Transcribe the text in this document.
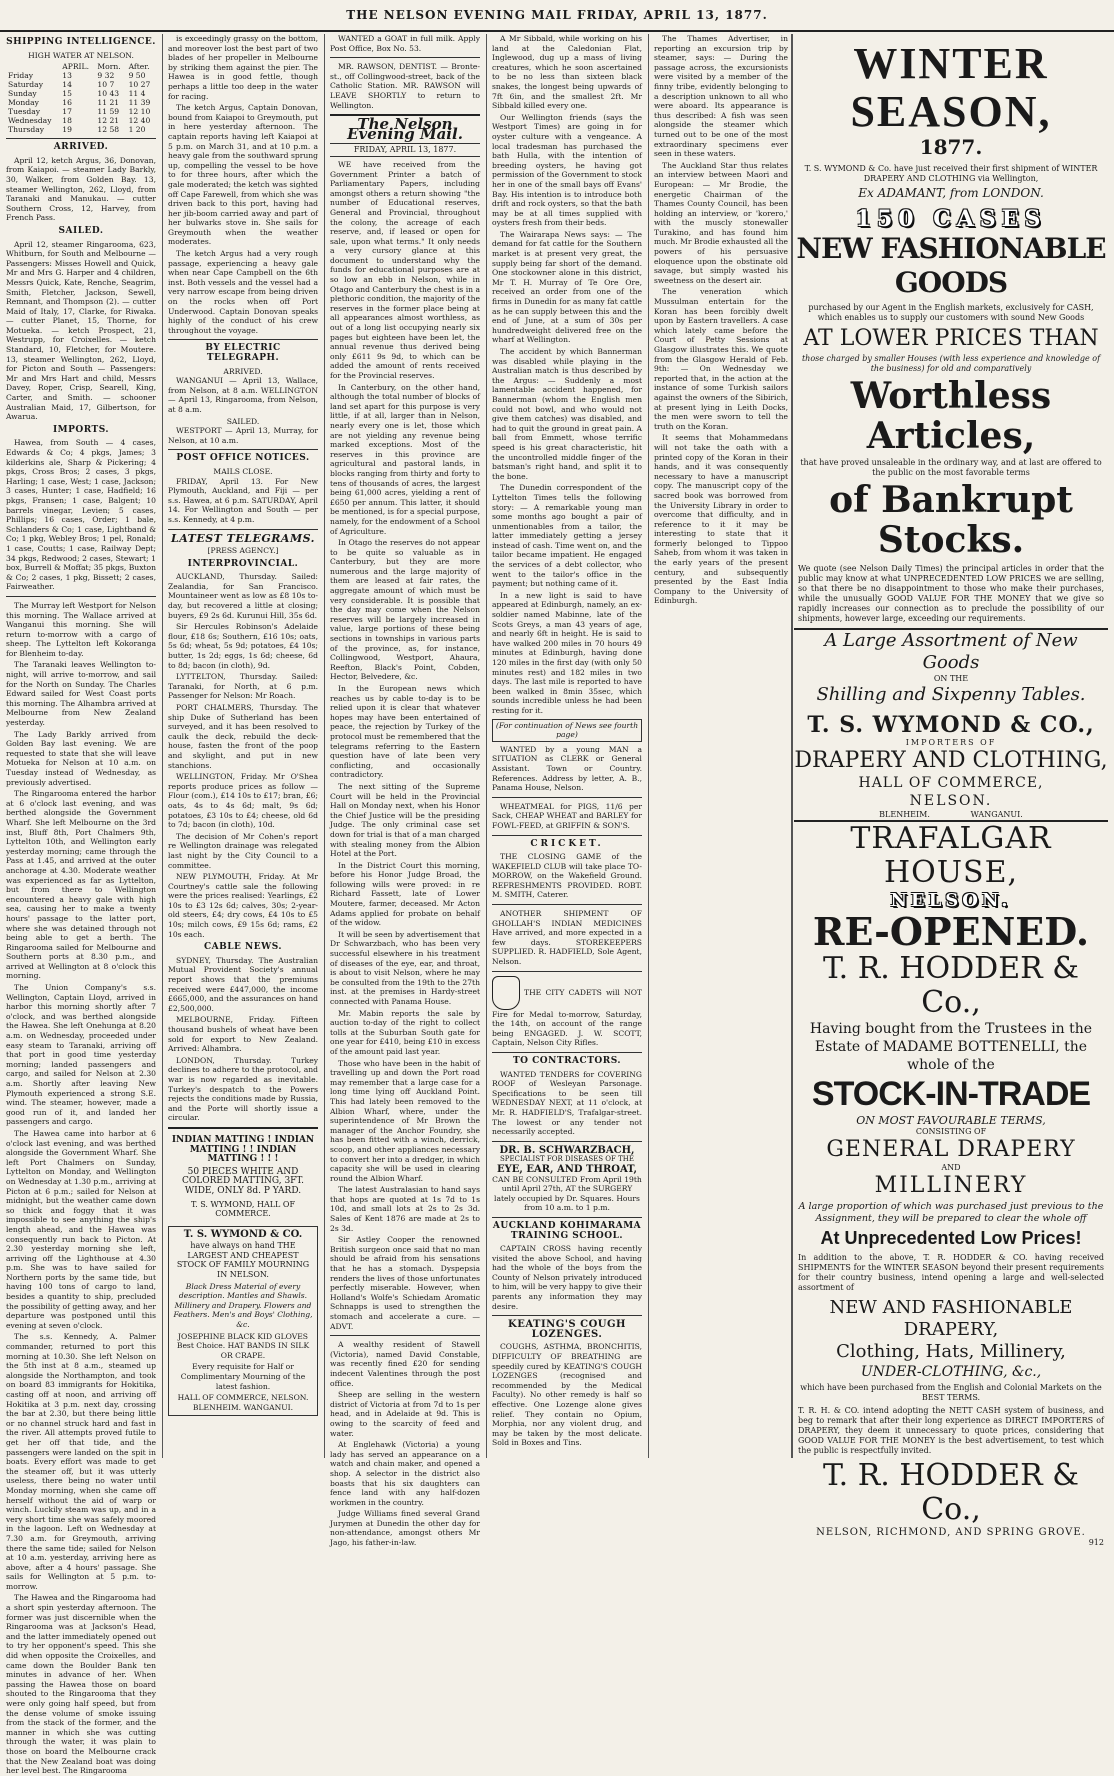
THE NELSON EVENING MAIL FRIDAY, APRIL 13, 1877.
SHIPPING INTELLIGENCE.
HIGH WATER AT NELSON.
	APRIL.	Morn.	After.
Friday	13	9 32	9 50
Saturday	14	10 7	10 27
Sunday	15	10 43	11 4
Monday	16	11 21	11 39
Tuesday	17	11 59	12 10
Wednesday	18	12 21	12 40
Thursday	19	12 58	1 20
ARRIVED.

April 12, ketch Argus, 36, Donovan, from Kaiapoi. — steamer Lady Barkly, 30, Walker, from Golden Bay. 13, steamer Wellington, 262, Lloyd, from Taranaki and Manukau. — cutter Southern Cross, 12, Harvey, from French Pass.

SAILED.

April 12, steamer Ringarooma, 623, Whitburn, for South and Melbourne — Passengers: Misses Howell and Quick, Mr and Mrs G. Harper and 4 children, Messrs Quick, Kate, Renche, Seagrim, Smith, Fletcher, Jackson, Sewell, Remnant, and Thompson (2). — cutter Maid of Italy, 17, Clarke, for Riwaka. — cutter Planet, 15, Thorne, for Motueka. — ketch Prospect, 21, Westrupp, for Croixelles. — ketch Standard, 10, Fletcher, for Moutere. 13, steamer Wellington, 262, Lloyd, for Picton and South — Passengers: Mr and Mrs Hart and child, Messrs Davey, Roper, Crisp, Searell, King, Carter, and Smith. — schooner Australian Maid, 17, Gilbertson, for Awarua.

IMPORTS.

Hawea, from South — 4 cases, Edwards & Co; 4 pkgs, James; 3 kilderkins ale, Sharp & Pickering; 4 pkgs, Cross Bros; 2 cases, 3 pkgs, Harling; 1 case, West; 1 case, Jackson; 3 cases, Hunter; 1 case, Hadfield; 16 pkgs, Fransen; 1 case, Balgent; 10 barrels vinegar, Levien; 5 cases, Phillips; 16 cases, Order; 1 bale, Schlanders & Co; 1 case, Lightband & Co; 1 pkg, Webley Bros; 1 pel, Ronald; 1 case, Coutts; 1 case, Railway Dept; 34 pkgs, Redwood; 2 cases, Stewart; 1 box, Burrell & Moffat; 35 pkgs, Buxton & Co; 2 cases, 1 pkg, Bissett; 2 cases, Fairweather.

The Murray left Westport for Nelson this morning. The Wallace arrived at Wanganui this morning. She will return to-morrow with a cargo of sheep. The Lyttelton left Kokoranga for Blenheim to-day.

The Taranaki leaves Wellington to-night, will arrive to-morrow, and sail for the North on Sunday. The Charles Edward sailed for West Coast ports this morning. The Alhambra arrived at Melbourne from New Zealand yesterday.

The Lady Barkly arrived from Golden Bay last evening. We are requested to state that she will leave Motueka for Nelson at 10 a.m. on Tuesday instead of Wednesday, as previously advertised.

The Ringarooma entered the harbor at 6 o'clock last evening, and was berthed alongside the Government Wharf. She left Melbourne on the 3rd inst, Bluff 8th, Port Chalmers 9th, Lyttelton 10th, and Wellington early yesterday morning; came through the Pass at 1.45, and arrived at the outer anchorage at 4.30. Moderate weather was experienced as far as Lyttelton, but from there to Wellington encountered a heavy gale with high sea, causing her to make a twenty hours' passage to the latter port, where she was detained through not being able to get a berth. The Ringarooma sailed for Melbourne and Southern ports at 8.30 p.m., and arrived at Wellington at 8 o'clock this morning.

The Union Company's s.s. Wellington, Captain Lloyd, arrived in harbor this morning shortly after 7 o'clock, and was berthed alongside the Hawea. She left Onehunga at 8.20 a.m. on Wednesday, proceeded under easy steam to Taranaki, arriving off that port in good time yesterday morning; landed passengers and cargo, and sailed for Nelson at 2.30 a.m. Shortly after leaving New Plymouth experienced a strong S.E. wind. The steamer, however, made a good run of it, and landed her passengers and cargo.

The Hawea came into harbor at 6 o'clock last evening, and was berthed alongside the Government Wharf. She left Port Chalmers on Sunday, Lyttelton on Monday, and Wellington on Wednesday at 1.30 p.m., arriving at Picton at 6 p.m.; sailed for Nelson at midnight, but the weather came down so thick and foggy that it was impossible to see anything the ship's length ahead, and the Hawea was consequently run back to Picton. At 2.30 yesterday morning she left, arriving off the Lighthouse at 4.30 p.m. She was to have sailed for Northern ports by the same tide, but having 100 tons of cargo to land, besides a quantity to ship, precluded the possibility of getting away, and her departure was postponed until this evening at seven o'clock.

The s.s. Kennedy, A. Palmer commander, returned to port this morning at 10.30. She left Nelson on the 5th inst at 8 a.m., steamed up alongside the Northampton, and took on board 83 immigrants for Hokitika, casting off at noon, and arriving off Hokitika at 3 p.m. next day, crossing the bar at 2.30, but there being little or no channel struck hard and fast in the river. All attempts proved futile to get her off that tide, and the passengers were landed on the spit in boats. Every effort was made to get the steamer off, but it was utterly useless, there being no water until Monday morning, when she came off herself without the aid of warp or winch. Luckily steam was up, and in a very short time she was safely moored in the lagoon. Left on Wednesday at 7.30 a.m. for Greymouth, arriving there the same tide; sailed for Nelson at 10 a.m. yesterday, arriving here as above, after a 4 hours' passage. She sails for Wellington at 5 p.m. to-morrow.

The Hawea and the Ringarooma had a short spin yesterday afternoon. The former was just discernible when the Ringarooma was at Jackson's Head, and the latter immediately opened out to try her opponent's speed. This she did when opposite the Croixelles, and came down the Boulder Bank ten minutes in advance of her. When passing the Hawea those on board shouted to the Ringarooma that they were only going half speed, but from the dense volume of smoke issuing from the stack of the former, and the manner in which she was cutting through the water, it was plain to those on board the Melbourne crack that the New Zealand boat was doing her level best. The Ringarooma

is exceedingly grassy on the bottom, and moreover lost the best part of two blades of her propeller in Melbourne by striking them against the pier. The Hawea is in good fettle, though perhaps a little too deep in the water for racing.

The ketch Argus, Captain Donovan, bound from Kaiapoi to Greymouth, put in here yesterday afternoon. The captain reports having left Kaiapoi at 5 p.m. on March 31, and at 10 p.m. a heavy gale from the southward sprung up, compelling the vessel to be hove to for three hours, after which the gale moderated; the ketch was sighted off Cape Farewell, from which she was driven back to this port, having had her jib-boom carried away and part of her bulwarks stove in. She sails for Greymouth when the weather moderates.

The ketch Argus had a very rough passage, experiencing a heavy gale when near Cape Campbell on the 6th inst. Both vessels and the vessel had a very narrow escape from being driven on the rocks when off Port Underwood. Captain Donovan speaks highly of the conduct of his crew throughout the voyage.

BY ELECTRIC TELEGRAPH.
ARRIVED.

WANGANUI — April 13, Wallace, from Nelson, at 8 a.m. WELLINGTON — April 13, Ringarooma, from Nelson, at 8 a.m.

SAILED.

WESTPORT — April 13, Murray, for Nelson, at 10 a.m.

POST OFFICE NOTICES.
MAILS CLOSE.

FRIDAY, April 13. For New Plymouth, Auckland, and Fiji — per s.s. Hawea, at 6 p.m. SATURDAY, April 14. For Wellington and South — per s.s. Kennedy, at 4 p.m.

LATEST TELEGRAMS.
[PRESS AGENCY.]
INTERPROVINCIAL.

AUCKLAND, Thursday. Sailed: Zealandia, for San Francisco. Mountaineer went as low as £8 10s to-day, but recovered a little at closing; buyers, £9 2s 6d. Kurunui Hill, 35s 6d.

Sir Hercules Robinson's Adelaide flour, £18 6s; Southern, £16 10s; oats, 5s 6d; wheat, 5s 9d; potatoes, £4 10s; butter, 1s 2d; eggs, 1s 6d; cheese, 6d to 8d; bacon (in cloth), 9d.

LYTTELTON, Thursday. Sailed: Taranaki, for North, at 6 p.m. Passenger for Nelson: Mr Roach.

PORT CHALMERS, Thursday. The ship Duke of Sutherland has been surveyed, and it has been resolved to caulk the deck, rebuild the deck-house, fasten the front of the poop and skylight, and put in new stanchions.

WELLINGTON, Friday. Mr O'Shea reports produce prices as follow — Flour (com.), £14 10s to £17; bran, £6; oats, 4s to 4s 6d; malt, 9s 6d; potatoes, £3 10s to £4; cheese, old 6d to 7d; bacon (in cloth), 10d.

The decision of Mr Cohen's report re Wellington drainage was relegated last night by the City Council to a committee.

NEW PLYMOUTH, Friday. At Mr Courtney's cattle sale the following were the prices realised: Yearlings, £2 10s to £3 12s 6d; calves, 30s; 2-year-old steers, £4; dry cows, £4 10s to £5 10s; milch cows, £9 15s 6d; rams, £2 10s each.

CABLE NEWS.

SYDNEY, Thursday. The Australian Mutual Provident Society's annual report shows that the premiums received were £447,000, the income £665,000, and the assurances on hand £2,500,000.

MELBOURNE, Friday. Fifteen thousand bushels of wheat have been sold for export to New Zealand. Arrived: Alhambra.

LONDON, Thursday. Turkey declines to adhere to the protocol, and war is now regarded as inevitable. Turkey's despatch to the Powers rejects the conditions made by Russia, and the Porte will shortly issue a circular.

INDIAN MATTING ! INDIAN MATTING ! ! INDIAN MATTING ! ! !
50 PIECES WHITE AND COLORED MATTING, 3FT. WIDE, ONLY 8d. P YARD.
T. S. WYMOND, HALL OF COMMERCE.
T. S. WYMOND & CO.
have always on hand THE LARGEST AND CHEAPEST STOCK OF FAMILY MOURNING IN NELSON.
Black Dress Material of every description. Mantles and Shawls. Millinery and Drapery. Flowers and Feathers. Men's and Boys' Clothing, &c.
JOSEPHINE BLACK KID GLOVES Best Choice. HAT BANDS IN SILK OR CRAPE.
Every requisite for Half or Complimentary Mourning of the latest fashion.
HALL OF COMMERCE, NELSON. BLENHEIM. WANGANUI.

WANTED a GOAT in full milk. Apply Post Office, Box No. 53.

MR. RAWSON, DENTIST. — Bronte-st., off Collingwood-street, back of the Catholic Station. MR. RAWSON will LEAVE SHORTLY to return to Wellington.

The Nelson Evening Mail.
FRIDAY, APRIL 13, 1877.

WE have received from the Government Printer a batch of Parliamentary Papers, including amongst others a return showing "the number of Educational reserves, General and Provincial, throughout the colony, the acreage of each reserve, and, if leased or open for sale, upon what terms." It only needs a very cursory glance at this document to understand why the funds for educational purposes are at so low an ebb in Nelson, while in Otago and Canterbury the chest is in a plethoric condition, the majority of the reserves in the former place being at all appearances almost worthless, as out of a long list occupying nearly six pages but eighteen have been let, the annual revenue thus derived being only £611 9s 9d, to which can be added the amount of rents received for the Provincial reserves.

In Canterbury, on the other hand, although the total number of blocks of land set apart for this purpose is very little, if at all, larger than in Nelson, nearly every one is let, those which are not yielding any revenue being marked exceptions. Most of the reserves in this province are agricultural and pastoral lands, in blocks ranging from thirty and forty to tens of thousands of acres, the largest being 61,000 acres, yielding a rent of £650 per annum. This latter, it should be mentioned, is for a special purpose, namely, for the endowment of a School of Agriculture.

In Otago the reserves do not appear to be quite so valuable as in Canterbury, but they are more numerous and the large majority of them are leased at fair rates, the aggregate amount of which must be very considerable. It is possible that the day may come when the Nelson reserves will be largely increased in value, large portions of these being sections in townships in various parts of the province, as, for instance, Collingwood, Westport, Ahaura, Reefton, Black's Point, Cobden, Hector, Belvedere, &c.

In the European news which reaches us by cable to-day is to be relied upon it is clear that whatever hopes may have been entertained of peace, the rejection by Turkey of the protocol must be remembered that the telegrams referring to the Eastern question have of late been very conflicting, and occasionally contradictory.

The next sitting of the Supreme Court will be held in the Provincial Hall on Monday next, when his Honor the Chief Justice will be the presiding Judge. The only criminal case set down for trial is that of a man charged with stealing money from the Albion Hotel at the Port.

In the District Court this morning, before his Honor Judge Broad, the following wills were proved: in re Richard Fassett, late of Lower Moutere, farmer, deceased. Mr Acton Adams applied for probate on behalf of the widow.

It will be seen by advertisement that Dr Schwarzbach, who has been very successful elsewhere in his treatment of diseases of the eye, ear, and throat, is about to visit Nelson, where he may be consulted from the 19th to the 27th inst. at the premises in Hardy-street connected with Panama House.

Mr. Mabin reports the sale by auction to-day of the right to collect tolls at the Suburban South gate for one year for £410, being £10 in excess of the amount paid last year.

Those who have been in the habit of travelling up and down the Port road may remember that a large case for a long time lying off Auckland Point. This had lately been removed to the Albion Wharf, where, under the superintendence of Mr Brown the manager of the Anchor Foundry, she has been fitted with a winch, derrick, scoop, and other appliances necessary to convert her into a dredger, in which capacity she will be used in clearing round the Albion Wharf.

The latest Australasian to hand says that hops are quoted at 1s 7d to 1s 10d, and small lots at 2s to 2s 3d. Sales of Kent 1876 are made at 2s to 2s 3d.

Sir Astley Cooper the renowned British surgeon once said that no man should be afraid from his sensations that he has a stomach. Dyspepsia renders the lives of those unfortunates perfectly miserable. However, when Holland's Wolfe's Schiedam Aromatic Schnapps is used to strengthen the stomach and accelerate a cure. — ADVT.

A wealthy resident of Stawell (Victoria), named David Constable, was recently fined £20 for sending indecent Valentines through the post office.

Sheep are selling in the western district of Victoria at from 7d to 1s per head, and in Adelaide at 9d. This is owing to the scarcity of feed and water.

At Englehawk (Victoria) a young lady has served an appearance on a watch and chain maker, and opened a shop. A selector in the district also boasts that his six daughters can fence land with any half-dozen workmen in the country.

Judge Williams fined several Grand Jurymen at Dunedin the other day for non-attendance, amongst others Mr Jago, his father-in-law.

A Mr Sibbald, while working on his land at the Caledonian Flat, Inglewood, dug up a mass of living creatures, which he soon ascertained to be no less than sixteen black snakes, the longest being upwards of 7ft 6in, and the smallest 2ft. Mr Sibbald killed every one.

Our Wellington friends (says the Westport Times) are going in for oyster culture with a vengeance. A local tradesman has purchased the bath Hulla, with the intention of breeding oysters, he having got permission of the Government to stock her in one of the small bays off Evans' Bay. His intention is to introduce both drift and rock oysters, so that the bath may be at all times supplied with oysters fresh from their beds.

The Wairarapa News says: — The demand for fat cattle for the Southern market is at present very great, the supply being far short of the demand. One stockowner alone in this district, Mr T. H. Murray of Te Ore Ore, received an order from one of the firms in Dunedin for as many fat cattle as he can supply between this and the end of June, at a sum of 30s per hundredweight delivered free on the wharf at Wellington.

The accident by which Bannerman was disabled while playing in the Australian match is thus described by the Argus: — Suddenly a most lamentable accident happened, for Bannerman (whom the English men could not bowl, and who would not give them catches) was disabled, and had to quit the ground in great pain. A ball from Emmett, whose terrific speed is his great characteristic, hit the uncontrolled middle finger of the batsman's right hand, and split it to the bone.

The Dunedin correspondent of the Lyttelton Times tells the following story: — A remarkable young man some months ago bought a pair of unmentionables from a tailor, the latter immediately getting a jersey instead of cash. Time went on, and the tailor became impatient. He engaged the services of a debt collector, who went to the tailor's office in the payment; but nothing came of it.

In a new light is said to have appeared at Edinburgh, namely, an ex-soldier named Mabinne, late of the Scots Greys, a man 43 years of age, and nearly 6ft in height. He is said to have walked 200 miles in 70 hours 49 minutes at Edinburgh, having done 120 miles in the first day (with only 50 minutes rest) and 182 miles in two days. The last mile is reported to have been walked in 8min 35sec, which sounds incredible unless he had been resting for it.

(For continuation of News see fourth page)

WANTED by a young MAN a SITUATION as CLERK or General Assistant. Town or Country. References. Address by letter, A. B., Panama House, Nelson.

WHEATMEAL for PIGS, 11/6 per Sack, CHEAP WHEAT and BARLEY for FOWL-FEED, at GRIFFIN & SON'S.

CRICKET.

THE CLOSING GAME of the WAKEFIELD CLUB will take place TO-MORROW, on the Wakefield Ground. REFRESHMENTS PROVIDED. ROBT. M. SMITH, Caterer.

ANOTHER SHIPMENT OF GHOLLAH'S INDIAN MEDICINES Have arrived, and more expected in a few days. STOREKEEPERS SUPPLIED. R. HADFIELD, Sole Agent, Nelson.

THE CITY CADETS will NOT Fire for Medal to-morrow, Saturday, the 14th, on account of the range being ENGAGED. J. W. SCOTT, Captain, Nelson City Rifles.

TO CONTRACTORS.

WANTED TENDERS for COVERING ROOF of Wesleyan Parsonage. Specifications to be seen till WEDNESDAY NEXT, at 11 o'clock, at Mr. R. HADFIELD'S, Trafalgar-street. The lowest or any tender not necessarily accepted.

DR. B. SCHWARZBACH,
SPECIALIST FOR DISEASES OF THE
EYE, EAR, AND THROAT,
CAN BE CONSULTED From April 19th until April 27th, AT the SURGERY lately occupied by Dr. Squares. Hours from 10 a.m. to 1 p.m.
AUCKLAND KOHIMARAMA TRAINING SCHOOL.

CAPTAIN CROSS having recently visited the above School, and having had the whole of the boys from the County of Nelson privately introduced to him, will be very happy to give their parents any information they may desire.

KEATING'S COUGH LOZENGES.

COUGHS, ASTHMA, BRONCHITIS, DIFFICULTY OF BREATHING are speedily cured by KEATING'S COUGH LOZENGES (recognised and recommended by the Medical Faculty). No other remedy is half so effective. One Lozenge alone gives relief. They contain no Opium, Morphia, nor any violent drug, and may be taken by the most delicate. Sold in Boxes and Tins.

The Thames Advertiser, in reporting an excursion trip by steamer, says: — During the passage across, the excursionists were visited by a member of the finny tribe, evidently belonging to a description unknown to all who were aboard. Its appearance is thus described: A fish was seen alongside the steamer which turned out to be one of the most extraordinary specimens ever seen in these waters.

The Auckland Star thus relates an interview between Maori and European: — Mr Brodie, the energetic Chairman of the Thames County Council, has been holding an interview, or 'korero,' with the muscly stonewaller Turakino, and has found him much. Mr Brodie exhausted all the powers of his persuasive eloquence upon the obstinate old savage, but simply wasted his sweetness on the desert air.

The veneration which Mussulman entertain for the Koran has been forcibly dwelt upon by Eastern travellers. A case which lately came before the Court of Petty Sessions at Glasgow illustrates this. We quote from the Glasgow Herald of Feb. 9th: — On Wednesday we reported that, in the action at the instance of some Turkish sailors against the owners of the Sibirich, at present lying in Leith Docks, the men were sworn to tell the truth on the Koran.

It seems that Mohammedans will not take the oath with a printed copy of the Koran in their hands, and it was consequently necessary to have a manuscript copy. The manuscript copy of the sacred book was borrowed from the University Library in order to overcome that difficulty, and in reference to it it may be interesting to state that it formerly belonged to Tippoo Saheb, from whom it was taken in the early years of the present century, and subsequently presented by the East India Company to the University of Edinburgh.

WINTER SEASON,
1877.
T. S. WYMOND & Co. have just received their first shipment of WINTER DRAPERY AND CLOTHING via Wellington,
Ex ADAMANT, from LONDON.
150 CASES
NEW FASHIONABLE GOODS
purchased by our Agent in the English markets, exclusively for CASH, which enables us to supply our customers with sound New Goods
AT LOWER PRICES THAN
those charged by smaller Houses (with less experience and knowledge of the business) for old and comparatively
Worthless Articles,
that have proved unsaleable in the ordinary way, and at last are offered to the public on the most favorable terms
of Bankrupt Stocks.
We quote (see Nelson Daily Times) the principal articles in order that the public may know at what UNPRECEDENTED LOW PRICES we are selling, so that there be no disappointment to those who make their purchases, while the unusually GOOD VALUE FOR THE MONEY that we give so rapidly increases our connection as to preclude the possibility of our shipments, however large, exceeding our requirements.
A Large Assortment of New Goods
ON THE
Shilling and Sixpenny Tables.
T. S. WYMOND & CO.,
IMPORTERS OF
DRAPERY AND CLOTHING,
HALL OF COMMERCE,
NELSON.
BLENHEIM.                WANGANUI.
TRAFALGAR HOUSE,
NELSON.
RE-OPENED.
T. R. HODDER & Co.,
Having bought from the Trustees in the Estate of MADAME BOTTENELLI, the whole of the
STOCK-IN-TRADE
ON MOST FAVOURABLE TERMS,
CONSISTING OF
GENERAL DRAPERY
AND
MILLINERY
A large proportion of which was purchased just previous to the Assignment, they will be prepared to clear the whole off
At Unprecedented Low Prices!
In addition to the above, T. R. HODDER & CO. having received SHIPMENTS for the WINTER SEASON beyond their present requirements for their country business, intend opening a large and well-selected assortment of
NEW AND FASHIONABLE DRAPERY,
Clothing, Hats, Millinery,
UNDER-CLOTHING, &c.,
which have been purchased from the English and Colonial Markets on the BEST TERMS.
T. R. H. & CO. intend adopting the NETT CASH system of business, and beg to remark that after their long experience as DIRECT IMPORTERS of DRAPERY, they deem it unnecessary to quote prices, considering that GOOD VALUE FOR THE MONEY is the best advertisement, to test which the public is respectfully invited.
T. R. HODDER & Co.,
NELSON, RICHMOND, AND SPRING GROVE.
912
